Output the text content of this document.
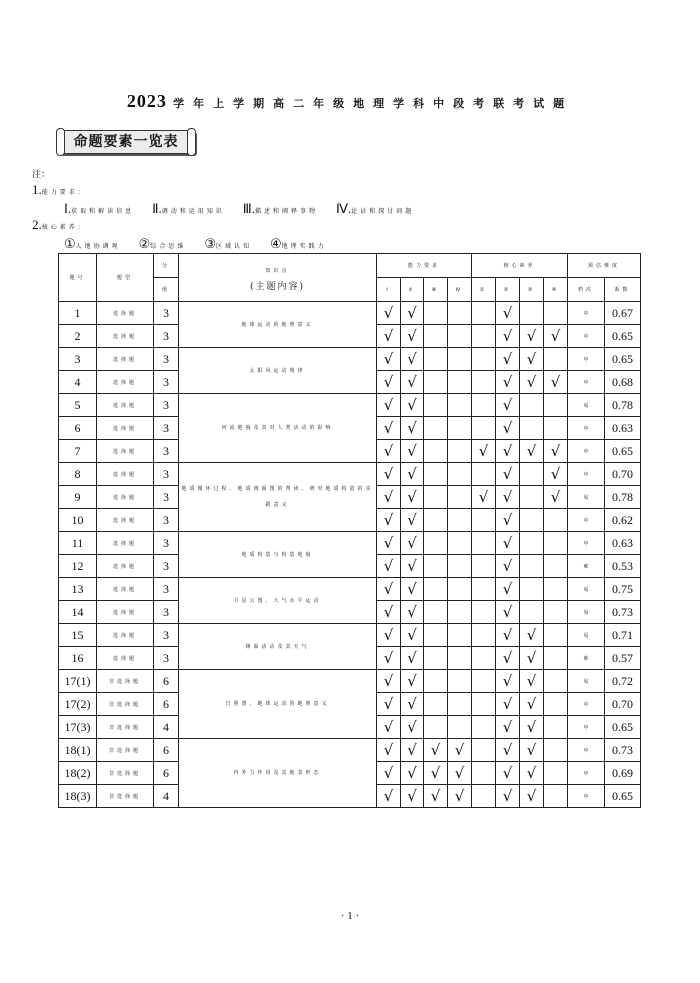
2023 学年上学期高二年级地理学科中段考联考试题
命题要素一览表
注：
1.能力要求：
Ⅰ.获取和解读信息 Ⅱ.调动和运用知识 Ⅲ.描述和阐释事物 Ⅳ.论证和探讨问题
2.核心素养：
①人地协调观 ②综合思维 ③区域认知 ④地理实践力
题号	题型	分	知识点
(主题内容)	能力要求				核心素养				预估难度	
		值		Ⅰ	Ⅱ	Ⅲ	Ⅳ	①	②	③	④	档次	系数
1	选择题	3	地球运动的地理意义	√	√				√			中	0.67
2	选择题	3		√	√				√	√	√	中	0.65
3	选择题	3	太阳风运动规律	√	√				√	√		中	0.65
4	选择题	3		√	√				√	√	√	中	0.68
5	选择题	3	河流地貌及其对人类活动的影响	√	√				√			易	0.78
6	选择题	3		√	√				√			中	0.63
7	选择题	3		√	√			√	√	√	√	中	0.65
8	选择题	3	地质循环过程、地质剖面图的判读、研究地质构造的实践意义	√	√				√		√	中	0.70
9	选择题	3		√	√			√	√		√	易	0.78
10	选择题	3		√	√				√			中	0.62
11	选择题	3	地质构造与构造地貌	√	√				√			中	0.63
12	选择题	3		√	√				√			难	0.53
13	选择题	3	卫星云图、大气水平运动	√	√				√			易	0.75
14	选择题	3		√	√				√			易	0.73
15	选择题	3	锋面活动及其天气	√	√				√	√		易	0.71
16	选择题	3		√	√				√	√		难	0.57
17(1)	非选择题	6	日照图、地球运动的地理意义	√	√				√	√		易	0.72
17(2)	非选择题	6		√	√				√	√		中	0.70
17(3)	非选择题	4		√	√				√	√		中	0.65
18(1)	非选择题	6	内外力作用及其地表形态	√	√	√	√		√	√		中	0.73
18(2)	非选择题	6		√	√	√	√		√	√		中	0.69
18(3)	非选择题	4		√	√	√	√		√	√		中	0.65
· 1 ·
